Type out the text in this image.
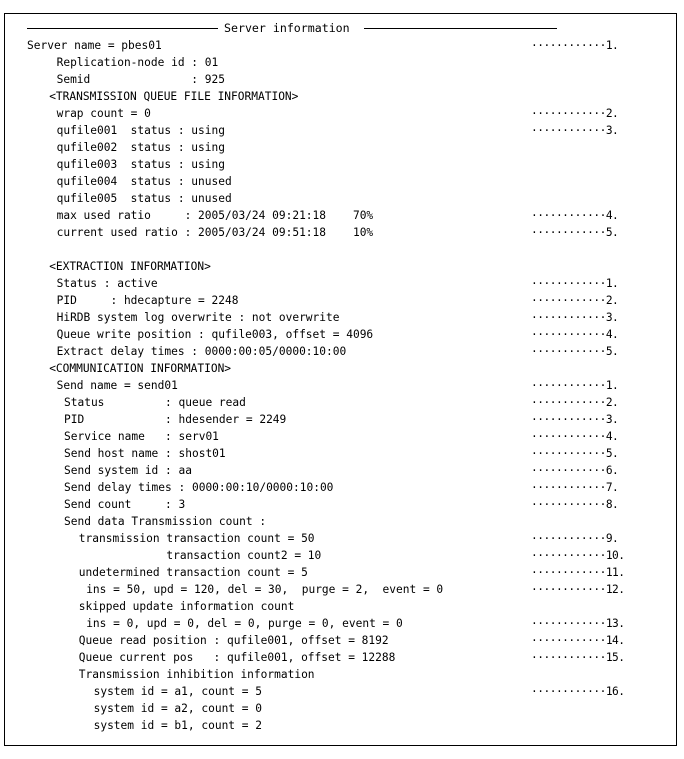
Server information
Server name = pbes01	············1.
Replication-node id : 01
Semid               : 925
<TRANSMISSION QUEUE FILE INFORMATION>
wrap count = 0	············2.
qufile001  status : using	············3.
qufile002  status : using
qufile003  status : using
qufile004  status : unused
qufile005  status : unused
max used ratio     : 2005/03/24 09:21:18    70%	············4.
current used ratio : 2005/03/24 09:51:18    10%	············5.
<EXTRACTION INFORMATION>
Status : active	············1.
PID     : hdecapture = 2248	············2.
HiRDB system log overwrite : not overwrite	············3.
Queue write position : qufile003, offset = 4096	············4.
Extract delay times : 0000:00:05/0000:10:00	············5.
<COMMUNICATION INFORMATION>
Send name = send01	············1.
Status         : queue read	············2.
PID            : hdesender = 2249	············3.
Service name   : serv01	············4.
Send host name : shost01	············5.
Send system id : aa	············6.
Send delay times : 0000:00:10/0000:10:00	············7.
Send count     : 3	············8.
Send data Transmission count :
transmission transaction count = 50	············9.
transaction count2 = 10	············10.
undetermined transaction count = 5	············11.
ins = 50, upd = 120, del = 30,  purge = 2,  event = 0	············12.
skipped update information count
ins = 0, upd = 0, del = 0, purge = 0, event = 0	············13.
Queue read position : qufile001, offset = 8192	············14.
Queue current pos   : qufile001, offset = 12288	············15.
Transmission inhibition information
system id = a1, count = 5	············16.
system id = a2, count = 0
system id = b1, count = 2
